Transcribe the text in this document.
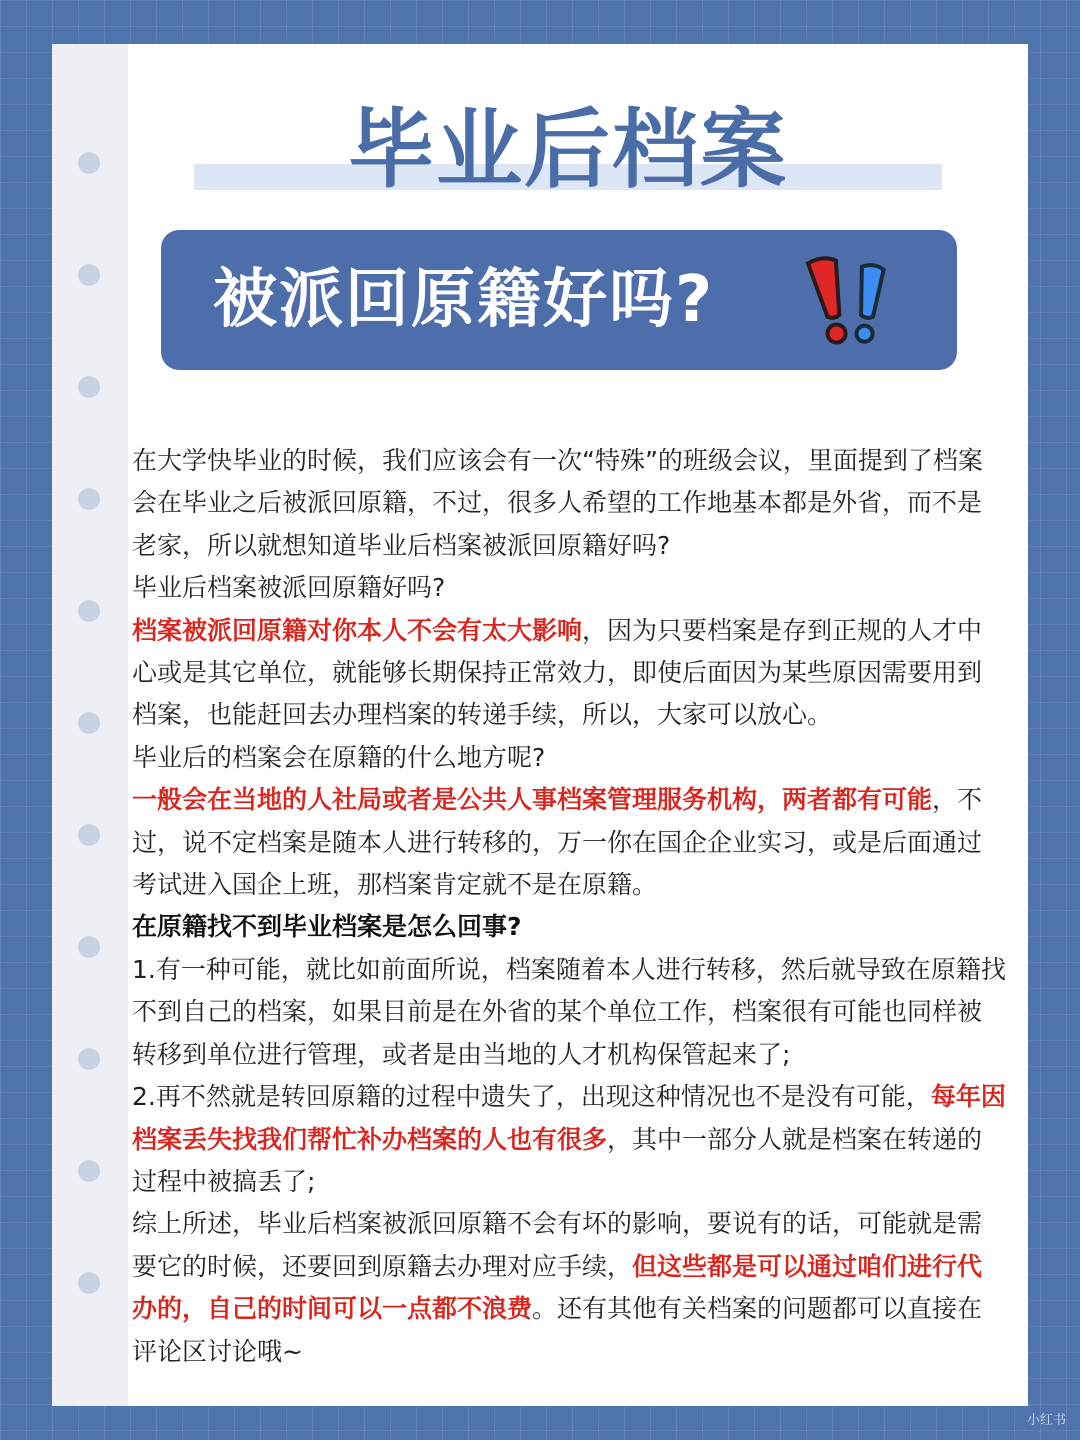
毕业后档案
被派回原籍好吗?

在大学快毕业的时候，我们应该会有一次“特殊”的班级会议，里面提到了档案会在毕业之后被派回原籍，不过，很多人希望的工作地基本都是外省，而不是老家，所以就想知道毕业后档案被派回原籍好吗?

毕业后档案被派回原籍好吗?

档案被派回原籍对你本人不会有太大影响，因为只要档案是存到正规的人才中心或是其它单位，就能够长期保持正常效力，即使后面因为某些原因需要用到档案，也能赶回去办理档案的转递手续，所以，大家可以放心。

毕业后的档案会在原籍的什么地方呢?

一般会在当地的人社局或者是公共人事档案管理服务机构，两者都有可能，不过，说不定档案是随本人进行转移的，万一你在国企企业实习，或是后面通过考试进入国企上班，那档案肯定就不是在原籍。

在原籍找不到毕业档案是怎么回事?

1.有一种可能，就比如前面所说，档案随着本人进行转移，然后就导致在原籍找不到自己的档案，如果目前是在外省的某个单位工作，档案很有可能也同样被转移到单位进行管理，或者是由当地的人才机构保管起来了;

2.再不然就是转回原籍的过程中遗失了，出现这种情况也不是没有可能，每年因档案丢失找我们帮忙补办档案的人也有很多，其中一部分人就是档案在转递的过程中被搞丢了;

综上所述，毕业后档案被派回原籍不会有坏的影响，要说有的话，可能就是需要它的时候，还要回到原籍去办理对应手续，但这些都是可以通过咱们进行代办的，自己的时间可以一点都不浪费。还有其他有关档案的问题都可以直接在评论区讨论哦~

小红书
